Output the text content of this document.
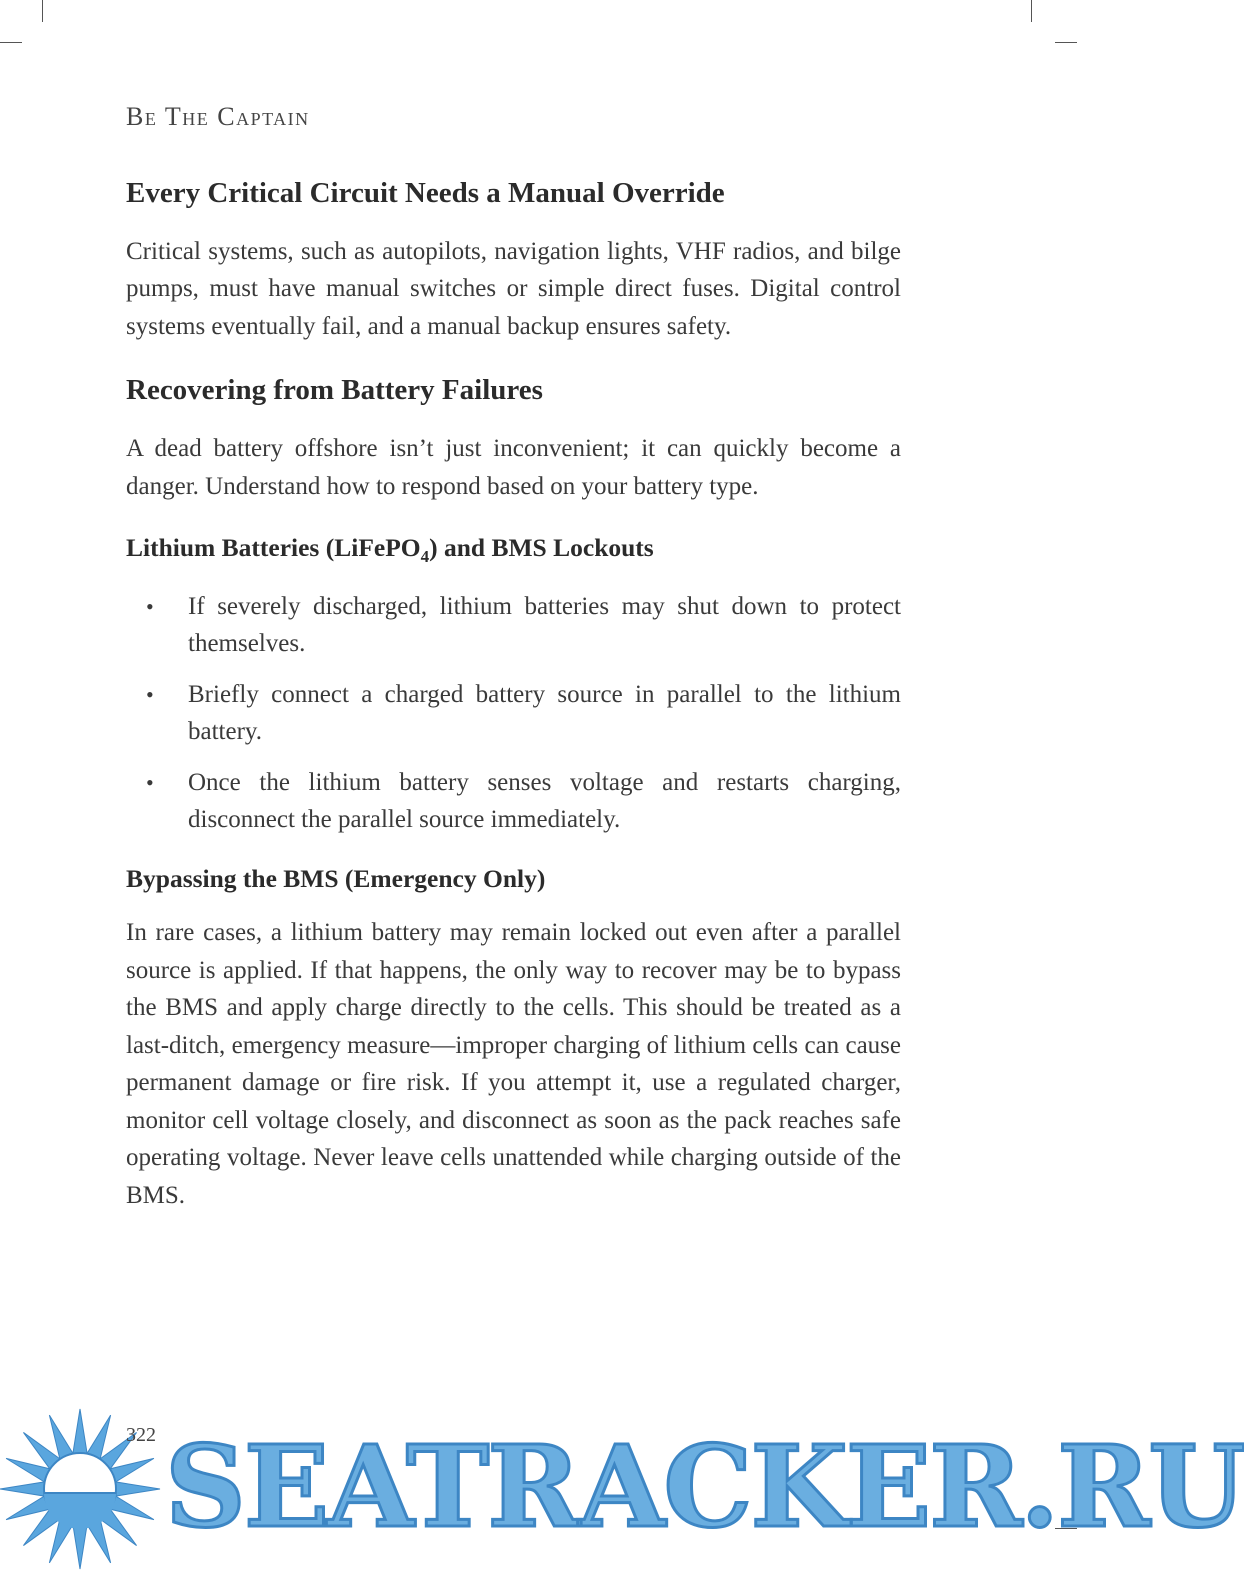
Be The Captain
Every Critical Circuit Needs a Manual Override

Critical systems, such as autopilots, navigation lights, VHF radios, and bilge pumps, must have manual switches or simple direct fuses. Digital control systems eventually fail, and a manual backup ensures safety.

Recovering from Battery Failures

A dead battery offshore isn’t just inconvenient; it can quickly become a danger. Understand how to respond based on your battery type.

Lithium Batteries (LiFePO$_4$) and BMS Lockouts
• If severely discharged, lithium batteries may shut down to protect themselves.
• Briefly connect a charged battery source in parallel to the lithium battery.
• Once the lithium battery senses voltage and restarts charging, disconnect the parallel source immediately.
Bypassing the BMS (Emergency Only)

In rare cases, a lithium battery may remain locked out even after a parallel source is applied. If that happens, the only way to recover may be to bypass the BMS and apply charge directly to the cells. This should be treated as a last-ditch, emergency measure—improper charging of lithium cells can cause permanent damage or fire risk. If you attempt it, use a regulated charger, monitor cell voltage closely, and disconnect as soon as the pack reaches safe operating voltage. Never leave cells unattended while charging outside of the BMS.

322 SEATRACKER.RU
